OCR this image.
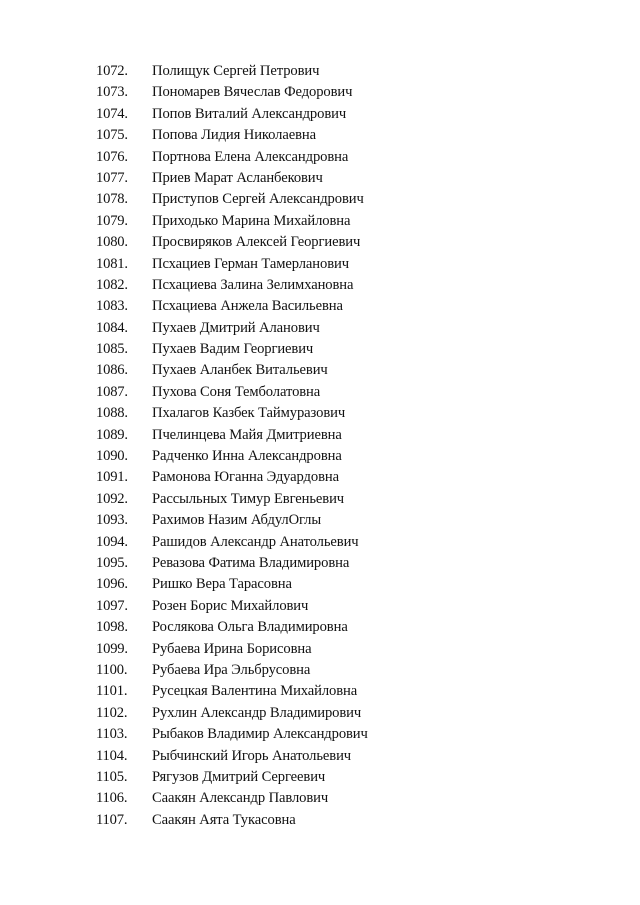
1072.	Полищук Сергей Петрович
1073.	Пономарев Вячеслав Федорович
1074.	Попов Виталий Александрович
1075.	Попова Лидия Николаевна
1076.	Портнова Елена Александровна
1077.	Приев Марат Асланбекович
1078.	Приступов Сергей Александрович
1079.	Приходько Марина Михайловна
1080.	Просвиряков Алексей Георгиевич
1081.	Псхациев Герман Тамерланович
1082.	Псхациева Залина Зелимхановна
1083.	Псхациева Анжела Васильевна
1084.	Пухаев Дмитрий Аланович
1085.	Пухаев Вадим Георгиевич
1086.	Пухаев Аланбек Витальевич
1087.	Пухова Соня Темболатовна
1088.	Пхалагов Казбек Таймуразович
1089.	Пчелинцева Майя Дмитриевна
1090.	Радченко Инна Александровна
1091.	Рамонова Юганна Эдуардовна
1092.	Рассыльных Тимур Евгеньевич
1093.	Рахимов Назим АбдулОглы
1094.	Рашидов Александр Анатольевич
1095.	Ревазова Фатима Владимировна
1096.	Ришко Вера Тарасовна
1097.	Розен Борис Михайлович
1098.	Рослякова Ольга Владимировна
1099.	Рубаева Ирина Борисовна
1100.	Рубаева Ира Эльбрусовна
1101.	Русецкая Валентина Михайловна
1102.	Рухлин Александр Владимирович
1103.	Рыбаков Владимир Александрович
1104.	Рыбчинский Игорь Анатольевич
1105.	Рягузов Дмитрий Сергеевич
1106.	Саакян Александр Павлович
1107.	Саакян Аята Тукасовна
